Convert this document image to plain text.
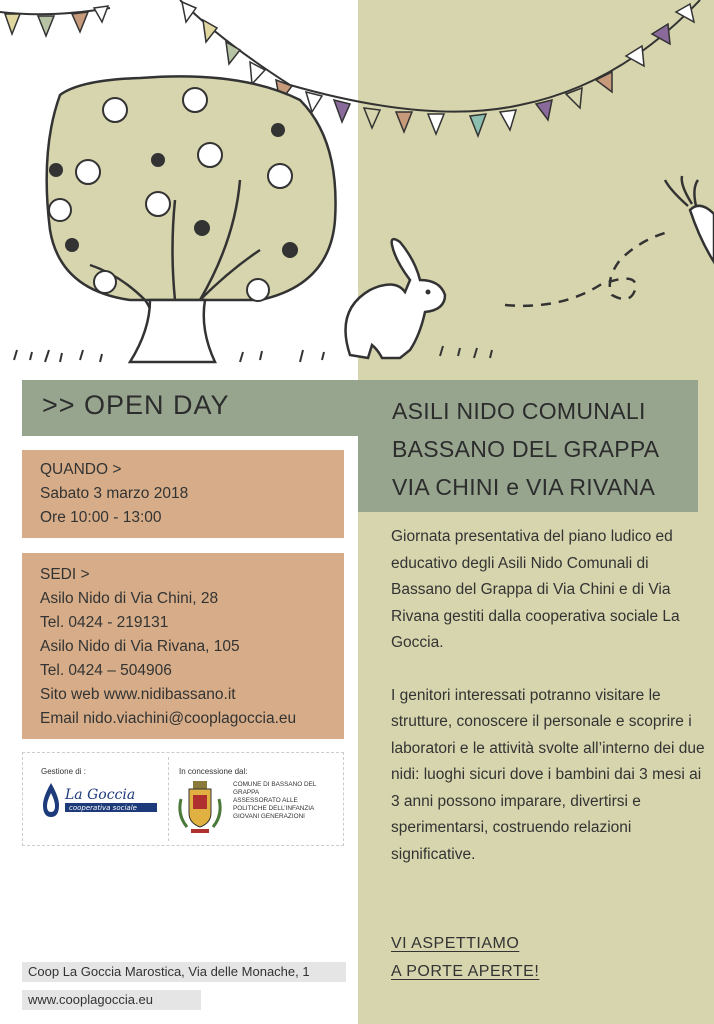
>> OPEN DAY	ASILI NIDO COMUNALI
BASSANO DEL GRAPPA
VIA CHINI e VIA RIVANA
QUANDO >
Sabato 3 marzo 2018
Ore 10:00 - 13:00
SEDI >
Asilo Nido di Via Chini, 28
Tel. 0424 - 219131
Asilo Nido di Via Rivana, 105
Tel. 0424 – 504906
Sito web www.nidibassano.it
Email nido.viachini@cooplagoccia.eu
Gestione di :
La Goccia
cooperativa sociale
In concessione dal:
COMUNE DI BASSANO DEL
GRAPPA
ASSESSORATO ALLE
POLITICHE DELL’INFANZIA
GIOVANI GENERAZIONI

Giornata presentativa del piano ludico ed educativo degli Asili Nido Comunali di Bassano del Grappa di Via Chini e di Via Rivana gestiti dalla cooperativa sociale La Goccia.

I genitori interessati potranno visitare le strutture, conoscere il personale e scoprire i laboratori e le attività svolte all’interno dei due nidi: luoghi sicuri dove i bambini dai 3 mesi ai 3 anni possono imparare, divertirsi e sperimentarsi, costruendo relazioni significative.

VI ASPETTIAMO
A PORTE APERTE!
Coop La Goccia Marostica, Via delle Monache, 1
www.cooplagoccia.eu
